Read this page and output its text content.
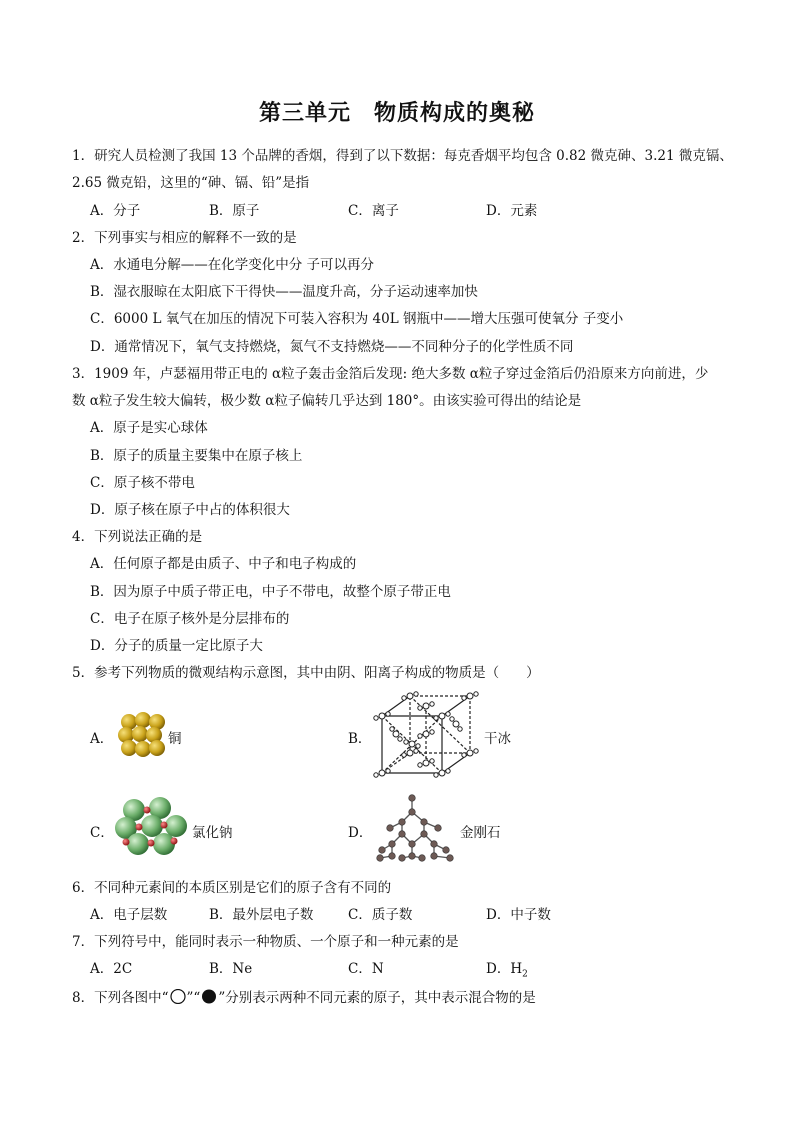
第三单元　物质构成的奥秘
1．研究人员检测了我国 13 个品牌的香烟，得到了以下数据：每克香烟平均包含 0.82 微克砷、3.21 微克镉、
2.65 微克铅，这里的“砷、镉、铅”是指
A．分子	B．原子	C．离子	D．元素
2．下列事实与相应的解释不一致的是
A．水通电分解——在化学变化中分 子可以再分
B．湿衣服晾在太阳底下干得快——温度升高，分子运动速率加快
C．6000 L 氧气在加压的情况下可装入容积为 40L 钢瓶中——增大压强可使氧分 子变小
D．通常情况下，氧气支持燃烧，氮气不支持燃烧——不同种分子的化学性质不同
3．1909 年，卢瑟福用带正电的 α粒子轰击金箔后发现: 绝大多数 α粒子穿过金箔后仍沿原来方向前进，少
数 α粒子发生较大偏转，极少数 α粒子偏转几乎达到 180°。由该实验可得出的结论是
A．原子是实心球体
B．原子的质量主要集中在原子核上
C．原子核不带电
D．原子核在原子中占的体积很大
4．下列说法正确的是
A．任何原子都是由质子、中子和电子构成的
B．因为原子中质子带正电，中子不带电，故整个原子带正电
C．电子在原子核外是分层排布的
D．分子的质量一定比原子大
5．参考下列物质的微观结构示意图，其中由阴、阳离子构成的物质是（　　）
A．	铜	B．	干冰
C．	氯化钠	D．	金刚石
6．不同种元素间的本质区别是它们的原子含有不同的
A．电子层数	B．最外层电子数	C．质子数	D．中子数
7．下列符号中，能同时表示一种物质、一个原子和一种元素的是
A．2C	B．Ne	C．N	D．$H_2$
8．下列各图中“ ”“ ”分别表示两种不同元素的原子，其中表示混合物的是
